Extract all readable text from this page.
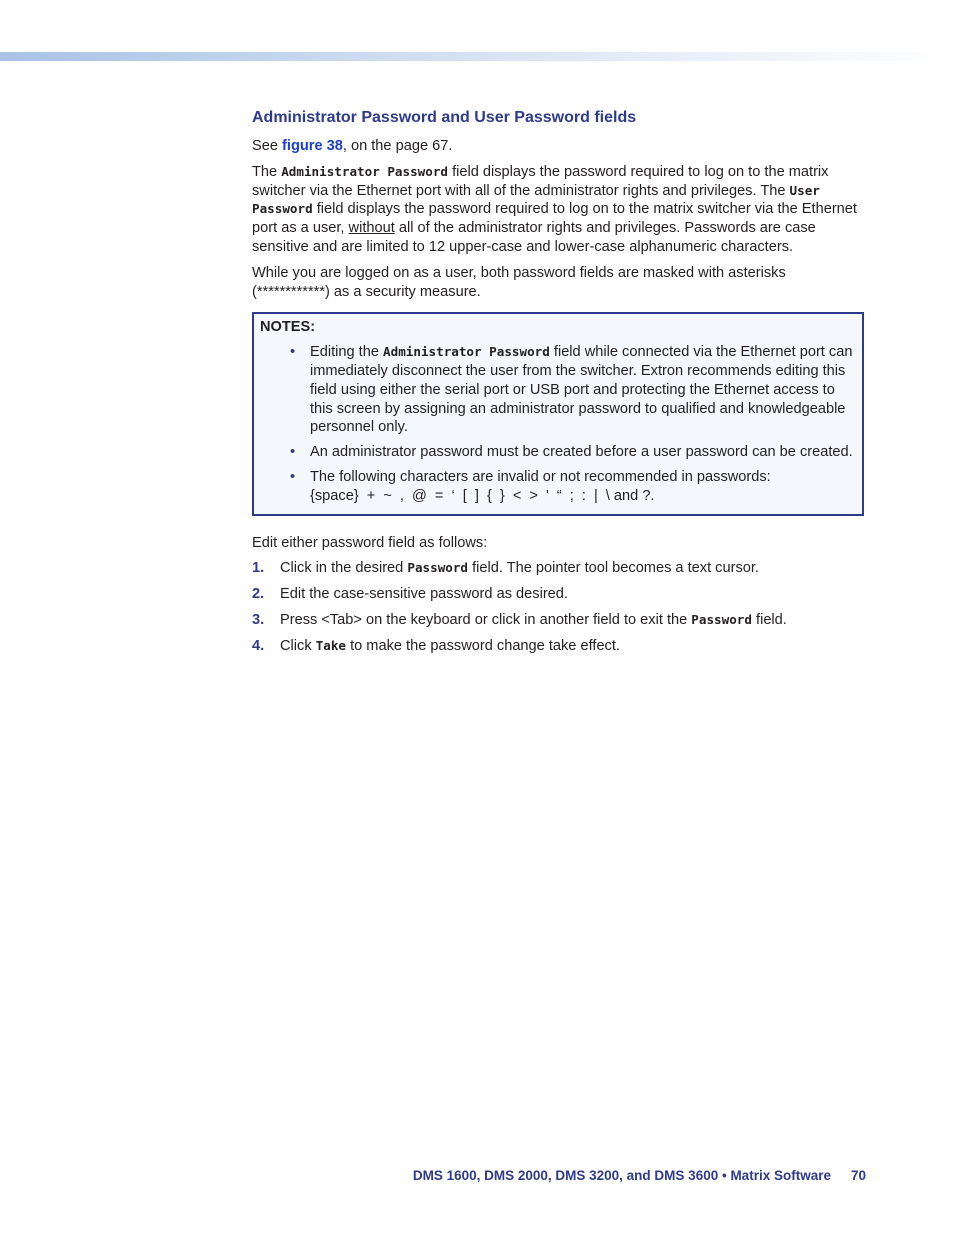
Administrator Password and User Password fields

See figure 38, on the page 67.

The Administrator Password field displays the password required to log on to the matrix switcher via the Ethernet port with all of the administrator rights and privileges. The User Password field displays the password required to log on to the matrix switcher via the Ethernet port as a user, without all of the administrator rights and privileges. Passwords are case sensitive and are limited to 12 upper-case and lower-case alphanumeric characters.

While you are logged on as a user, both password fields are masked with asterisks (************) as a security measure.

NOTES:
• Editing the Administrator Password field while connected via the Ethernet port can immediately disconnect the user from the switcher. Extron recommends editing this field using either the serial port or USB port and protecting the Ethernet access to this screen by assigning an administrator password to qualified and knowledgeable personnel only.
• An administrator password must be created before a user password can be created.
• The following characters are invalid or not recommended in passwords:
{space} + ~ , @ = ‘ [ ] { } < > ' “ ; : | \ and ?.

Edit either password field as follows:

1. Click in the desired Password field. The pointer tool becomes a text cursor.
2. Edit the case-sensitive password as desired.
3. Press <Tab> on the keyboard or click in another field to exit the Password field.
4. Click Take to make the password change take effect.
DMS 1600, DMS 2000, DMS 3200, and DMS 3600 • Matrix Software 70
